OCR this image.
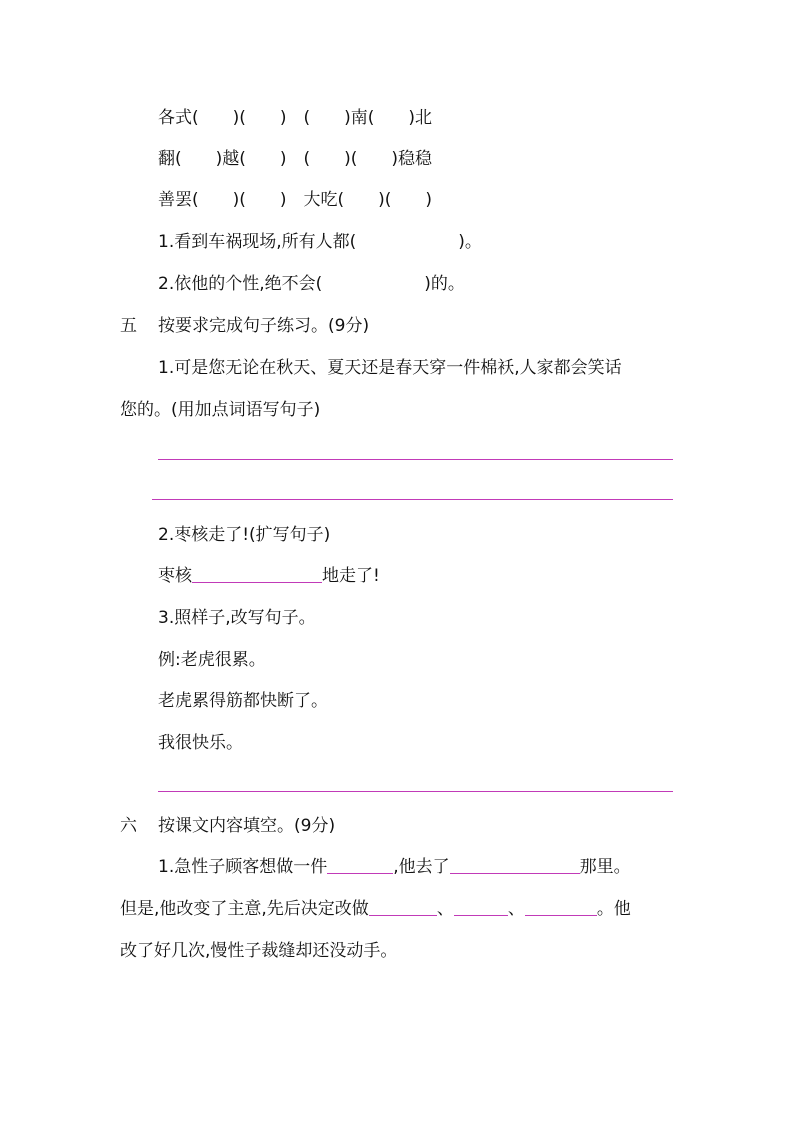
各式(　　)(　　)　(　　)南(　　)北
翻(　　)越(　　)　(　　)(　　)稳稳
善罢(　　)(　　)　大吃(　　)(　　)
1.看到车祸现场,所有人都(　　　　　　)。
2.依他的个性,绝不会(　　　　　　)的。
五 按要求完成句子练习。(9分)
1.可是您无论在秋天、夏天还是春天穿一件棉袄,人家都会笑话
您的。(用加点词语写句子)
2.枣核走了!(扩写句子)
枣核	地走了!
3.照样子,改写句子。
例:老虎很累。
老虎累得筋都快断了。
我很快乐。
六 按课文内容填空。(9分)
1.急性子顾客想做一件	,他去了	那里。
但是,他改变了主意,先后决定改做	、	、	。他
改了好几次,慢性子裁缝却还没动手。
